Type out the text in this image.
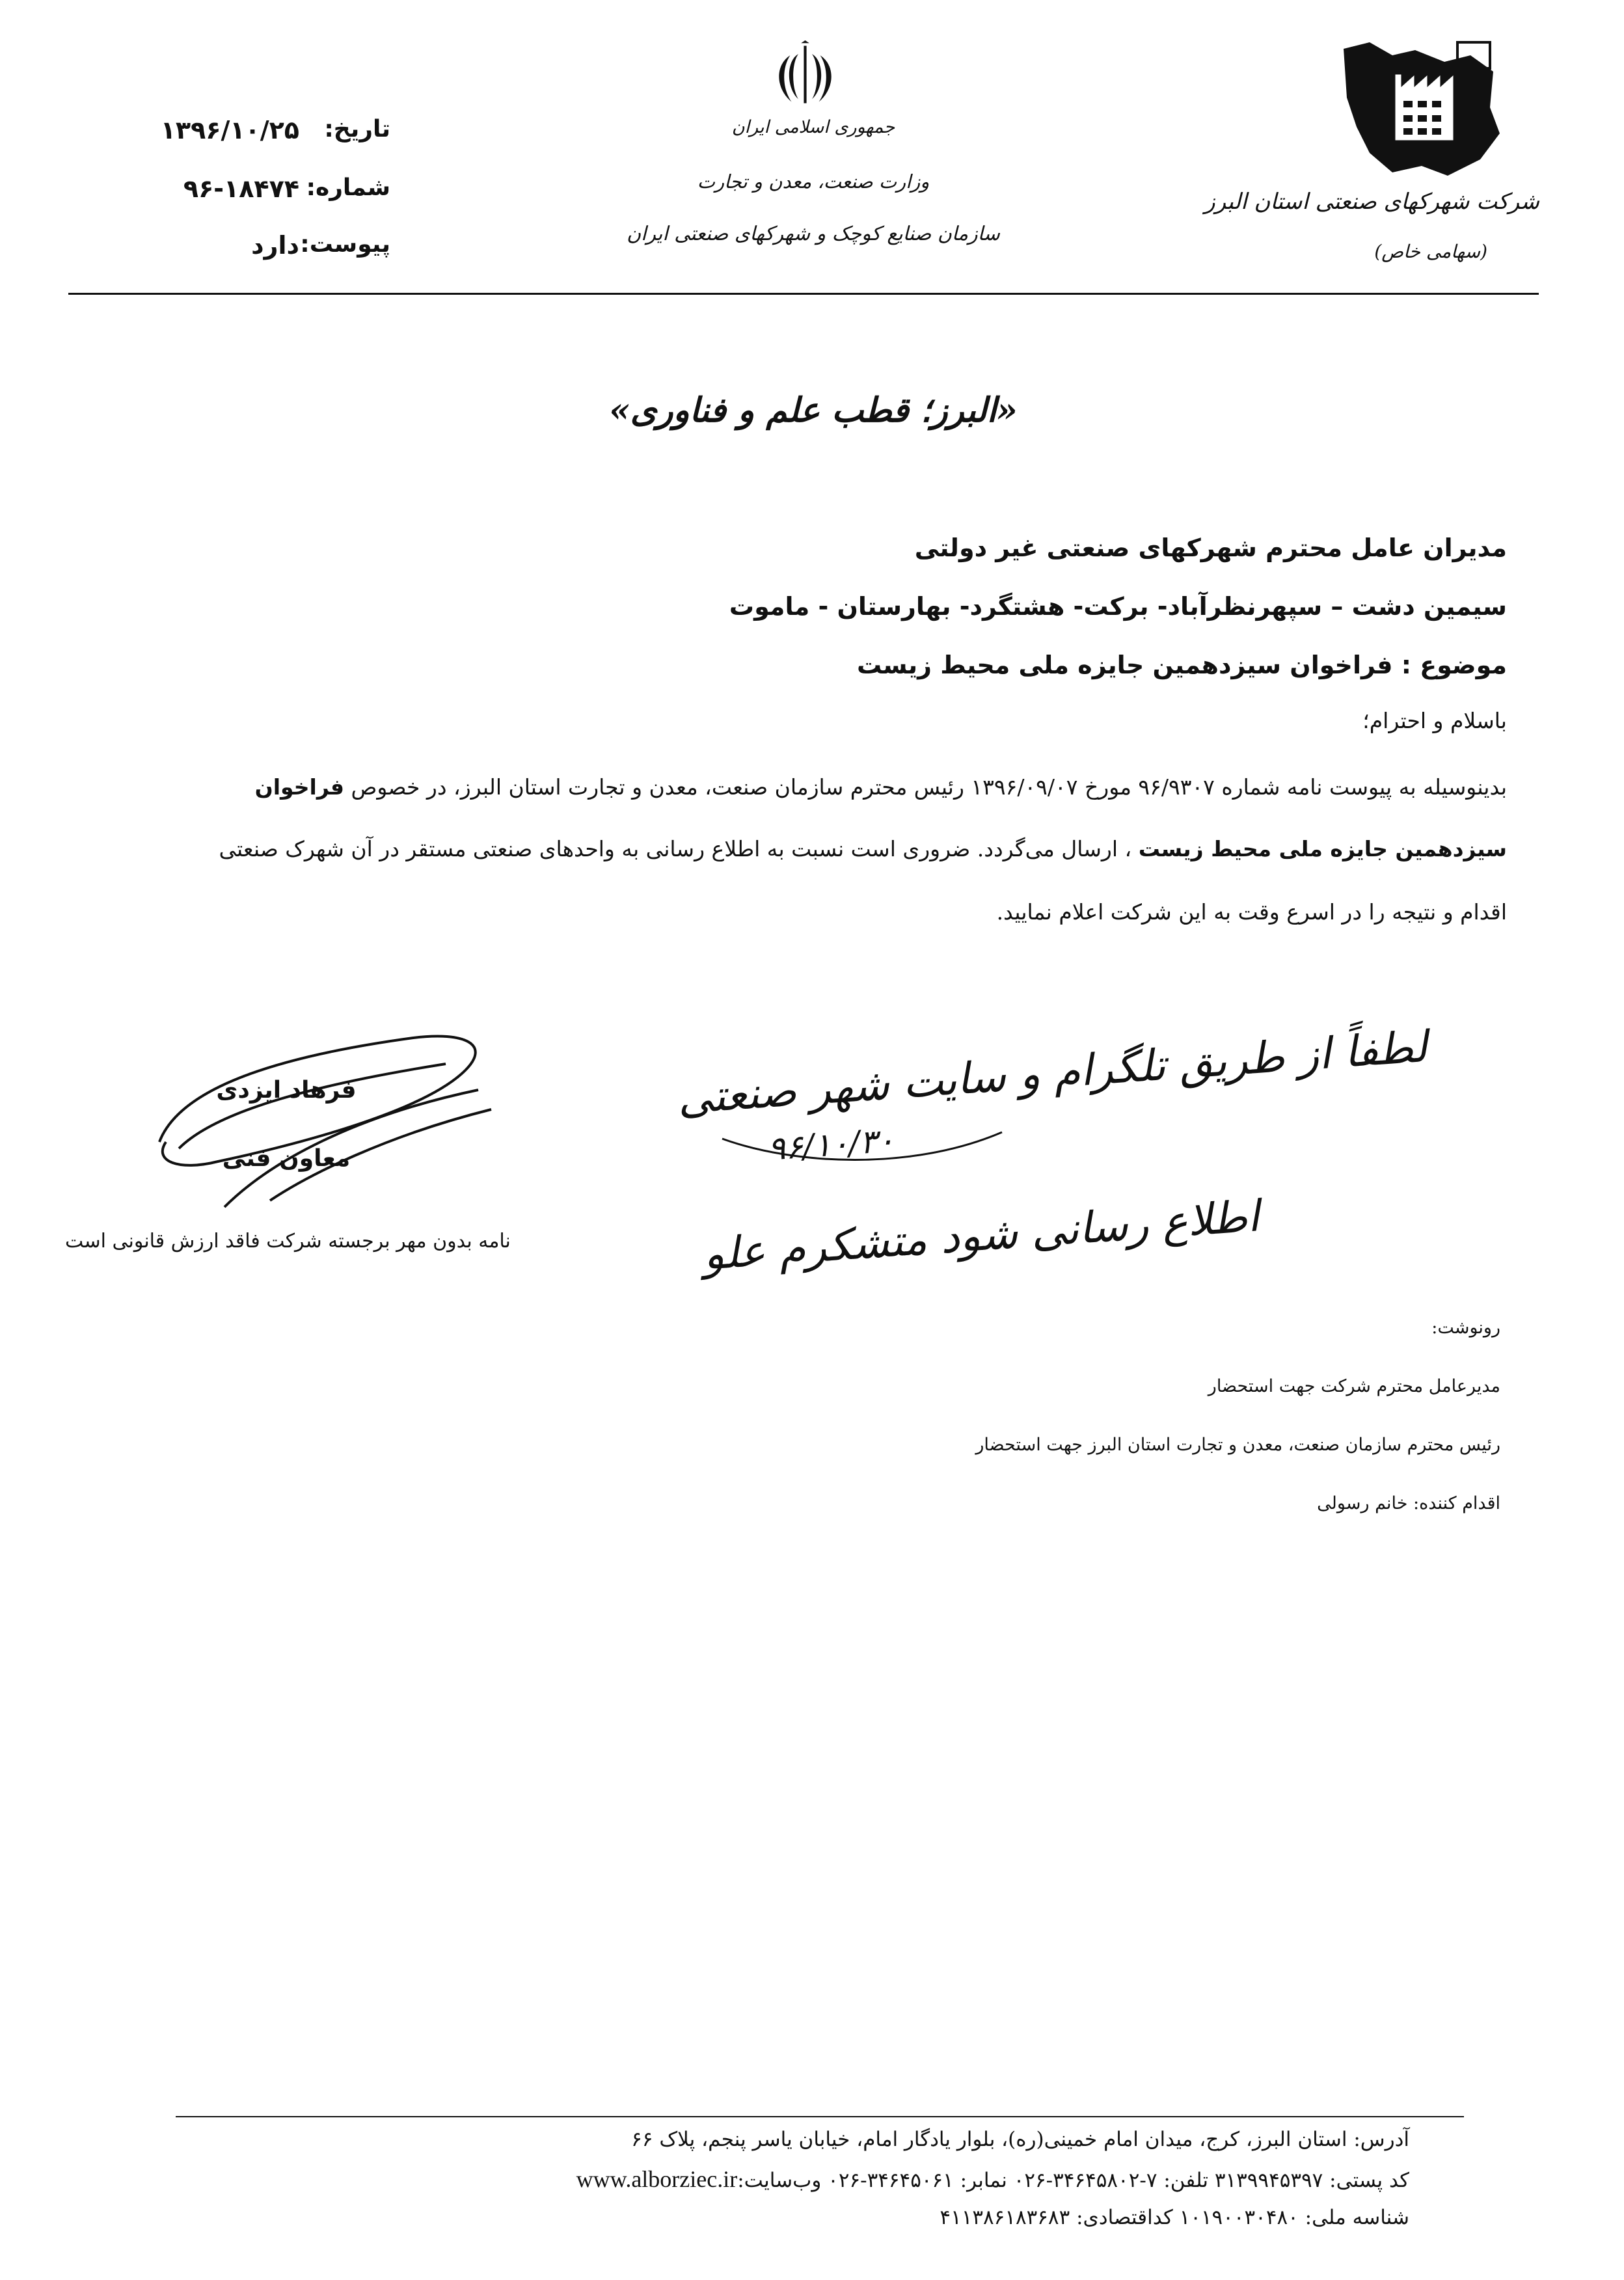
تاریخ:
۱۳۹۶/۱۰/۲۵
شماره:
۹۶-۱۸۴۷۴
پیوست:
دارد
جمهوری اسلامی ایران
وزارت صنعت، معدن و تجارت
سازمان صنایع کوچک و شهرکهای صنعتی ایران
شرکت شهرکهای صنعتی استان البرز
(سهامی خاص)
«البرز؛ قطب علم و فناوری»
مدیران عامل محترم شهرکهای صنعتی غیر دولتی
سیمین دشت – سپهرنظرآباد- برکت- هشتگرد- بهارستان - ماموت
موضوع : فراخوان سیزدهمین جایزه ملی محیط زیست
باسلام و احترام؛
بدینوسیله به پیوست نامه شماره ۹۶/۹۳۰۷ مورخ ۱۳۹۶/۰۹/۰۷ رئیس محترم سازمان صنعت، معدن و تجارت استان البرز، در خصوص فراخوان
سیزدهمین جایزه ملی محیط زیست ، ارسال می‌گردد. ضروری است نسبت به اطلاع رسانی به واحدهای صنعتی مستقر در آن شهرک صنعتی
اقدام و نتیجه را در اسرع وقت به این شرکت اعلام نمایید.
فرهاد ایزدی
معاون فنی
نامه بدون مهر برجسته شرکت فاقد ارزش قانونی است
لطفاً از طریق تلگرام و سایت شهر صنعتی
۹۶/۱۰/۳۰
اطلاع رسانی شود متشکرم علو
رونوشت:
مدیرعامل محترم شرکت جهت استحضار
رئیس محترم سازمان صنعت، معدن و تجارت استان البرز جهت استحضار
اقدام کننده: خانم رسولی
آدرس: استان البرز، کرج، میدان امام خمینی(ره)، بلوار یادگار امام، خیابان یاسر پنجم، پلاک ۶۶
کد پستی: ۳۱۳۹۹۴۵۳۹۷ تلفن: ۷-۳۴۶۴۵۸۰۲-۰۲۶ نمابر: ۳۴۶۴۵۰۶۱-۰۲۶ وب‌سایت:www.alborziec.ir
شناسه ملی: ۱۰۱۹۰۰۳۰۴۸۰ کداقتصادی: ۴۱۱۳۸۶۱۸۳۶۸۳
